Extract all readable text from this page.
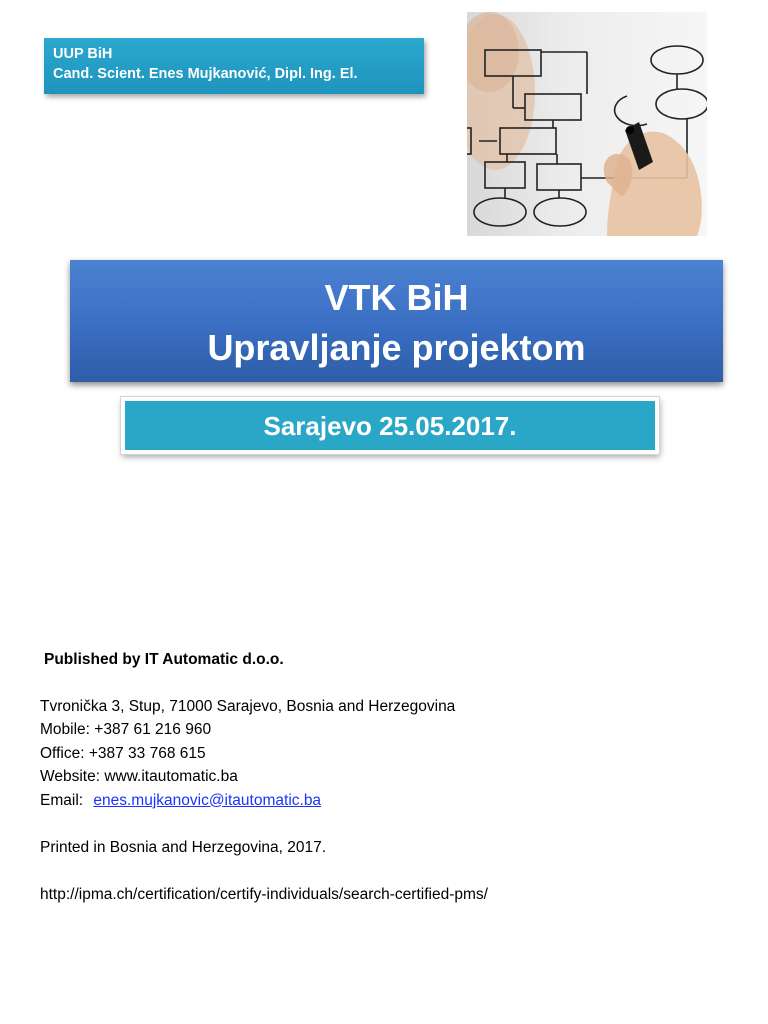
UUP BiH
Cand. Scient. Enes Mujkanović, Dipl. Ing. El.
VTK BiH
Upravljanje projektom
Sarajevo 25.05.2017.
Published by IT Automatic d.o.o.
Tvronička 3, Stup, 71000 Sarajevo, Bosnia and Herzegovina
Mobile: +387 61 216 960
Office: +387 33 768 615
Website: www.itautomatic.ba
Email: enes.mujkanovic@itautomatic.ba
Printed in Bosnia and Herzegovina, 2017.
http://ipma.ch/certification/certify-individuals/search-certified-pms/
